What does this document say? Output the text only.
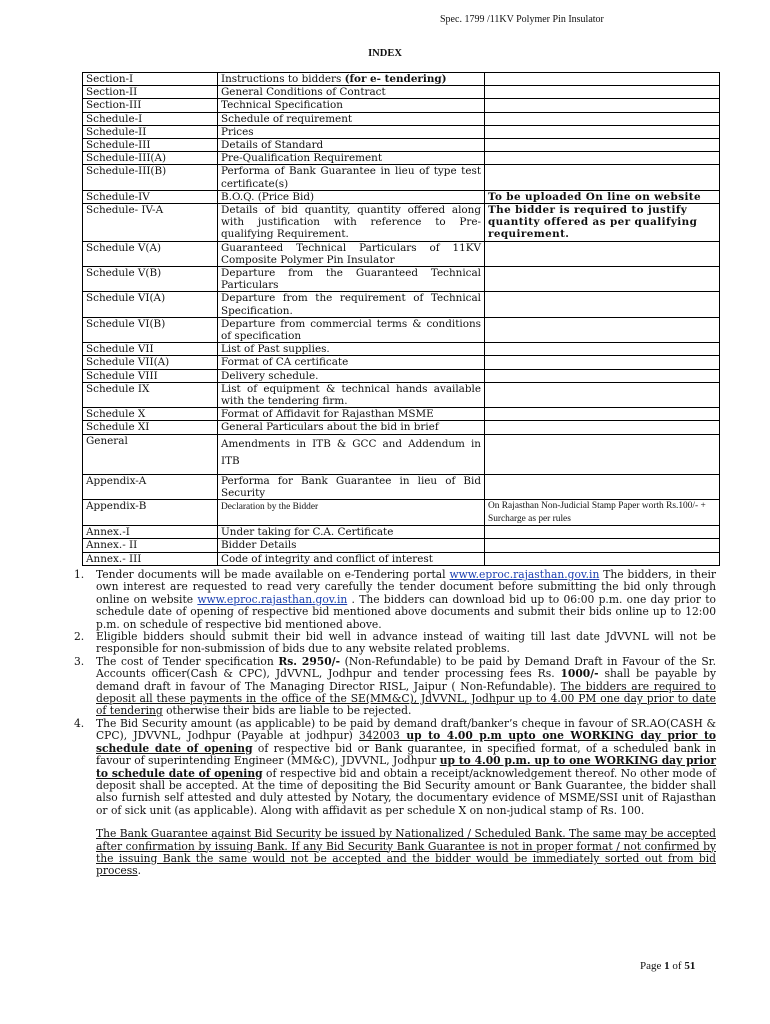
Spec. 1799 /11KV Polymer Pin Insulator
INDEX
Section-I	Instructions to bidders (for e- tendering)	
Section-II	General Conditions of Contract	
Section-III	Technical Specification	
Schedule-I	Schedule of requirement	
Schedule-II	Prices	
Schedule-III	Details of Standard	
Schedule-III(A)	Pre-Qualification Requirement	
Schedule-III(B)	Performa of Bank Guarantee in lieu of type test certificate(s)	
Schedule-IV	B.O.Q. (Price Bid)	To be uploaded On line on website
Schedule- IV-A	Details of bid quantity, quantity offered along with justification with reference to Pre-qualifying Requirement.	The bidder is required to justify quantity offered as per qualifying requirement.
Schedule V(A)	Guaranteed Technical Particulars of 11KV Composite Polymer Pin Insulator	
Schedule V(B)	Departure from the Guaranteed Technical Particulars	
Schedule VI(A)	Departure from the requirement of Technical Specification.	
Schedule VI(B)	Departure from commercial terms & conditions of specification	
Schedule VII	List of Past supplies.	
Schedule VII(A)	Format of CA certificate	
Schedule VIII	Delivery schedule.	
Schedule IX	List of equipment & technical hands available with the tendering firm.	
Schedule X	Format of Affidavit for Rajasthan MSME	
Schedule XI	General Particulars about the bid in brief	
General	Amendments in ITB & GCC and Addendum in ITB	
Appendix-A	Performa for Bank Guarantee in lieu of Bid Security	
Appendix-B	Declaration by the Bidder	On Rajasthan Non-Judicial Stamp Paper worth Rs.100/- + Surcharge as per rules
Annex.-I	Under taking for C.A. Certificate	
Annex.- II	Bidder Details	
Annex.- III	Code of integrity and conflict of interest	

1. Tender documents will be made available on e-Tendering portal www.eproc.rajasthan.gov.in The bidders, in their own interest are requested to read very carefully the tender document before submitting the bid only through online on website www.eproc.rajasthan.gov.in . The bidders can download bid up to 06:00 p.m. one day prior to schedule date of opening of respective bid mentioned above documents and submit their bids online up to 12:00 p.m. on schedule of respective bid mentioned above.

2. Eligible bidders should submit their bid well in advance instead of waiting till last date JdVVNL will not be responsible for non-submission of bids due to any website related problems.

3. The cost of Tender specification Rs. 2950/- (Non-Refundable) to be paid by Demand Draft in Favour of the Sr. Accounts officer(Cash & CPC), JdVVNL, Jodhpur and tender processing fees Rs. 1000/- shall be payable by demand draft in favour of The Managing Director RISL, Jaipur ( Non-Refundable). The bidders are required to deposit all these payments in the office of the SE(MM&C), JdVVNL, Jodhpur up to 4.00 PM one day prior to date of tendering otherwise their bids are liable to be rejected.

4. The Bid Security amount (as applicable) to be paid by demand draft/banker’s cheque in favour of SR.AO(CASH & CPC), JDVVNL, Jodhpur (Payable at jodhpur) 342003 up to 4.00 p.m upto one WORKING day prior to schedule date of opening of respective bid or Bank guarantee, in specified format, of a scheduled bank in favour of superintending Engineer (MM&C), JDVVNL, Jodhpur up to 4.00 p.m. up to one WORKING day prior to schedule date of opening of respective bid and obtain a receipt/acknowledgement thereof. No other mode of deposit shall be accepted. At the time of depositing the Bid Security amount or Bank Guarantee, the bidder shall also furnish self attested and duly attested by Notary, the documentary evidence of MSME/SSI unit of Rajasthan or of sick unit (as applicable). Along with affidavit as per schedule X on non-judical stamp of Rs. 100.

The Bank Guarantee against Bid Security be issued by Nationalized / Scheduled Bank. The same may be accepted after confirmation by issuing Bank. If any Bid Security Bank Guarantee is not in proper format / not confirmed by the issuing Bank the same would not be accepted and the bidder would be immediately sorted out from bid process.

Page 1 of 51
